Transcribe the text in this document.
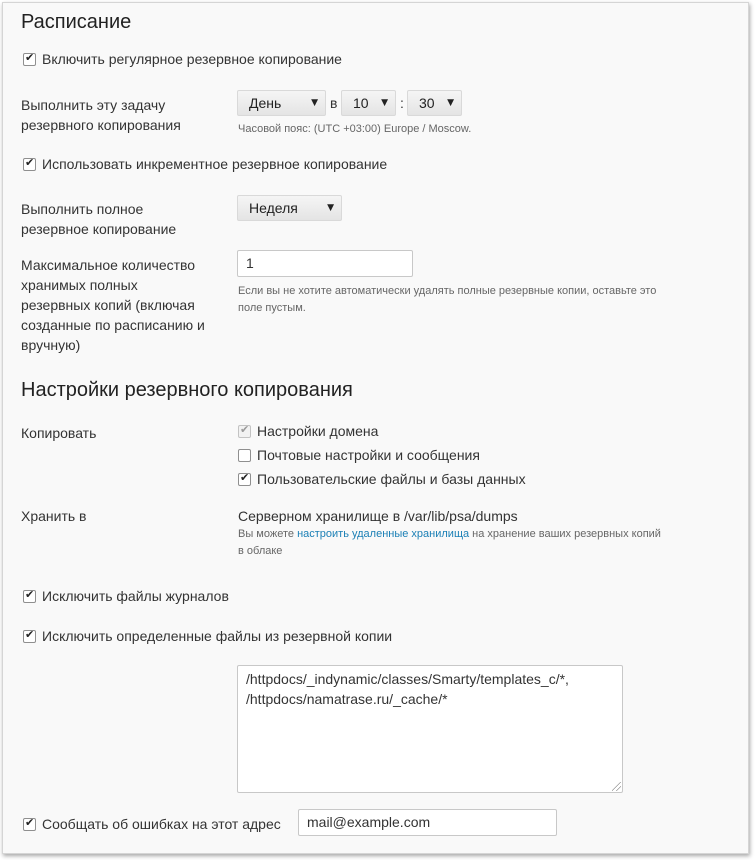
Расписание
✔
Включить регулярное резервное копирование
Выполнить эту задачу
резервного копирования
День	▼ в	10 ▼ :	30 ▼
Часовой пояс: (UTC +03:00) Europe / Moscow.
✔
Использовать инкрементное резервное копирование
Выполнить полное
резервное копирование
Неделя	▼
Максимальное количество
хранимых полных
резервных копий (включая
созданные по расписанию и
вручную)
1
Если вы не хотите автоматически удалять полные резервные копии, оставьте это
поле пустым.
Настройки резервного копирования
Копировать
✔	Настройки домена
Почтовые настройки и сообщения
✔
Пользовательские файлы и базы данных
Хранить в	Серверном хранилище в /var/lib/psa/dumps
Вы можете настроить удаленные хранилища на хранение ваших резервных копий
в облаке
✔
Исключить файлы журналов
✔
Исключить определенные файлы из резервной копии
/httpdocs/_indynamic/classes/Smarty/templates_c/*,
/httpdocs/namatrase.ru/_cache/*
✔
Сообщать об ошибках на этот адрес	mail@example.com
